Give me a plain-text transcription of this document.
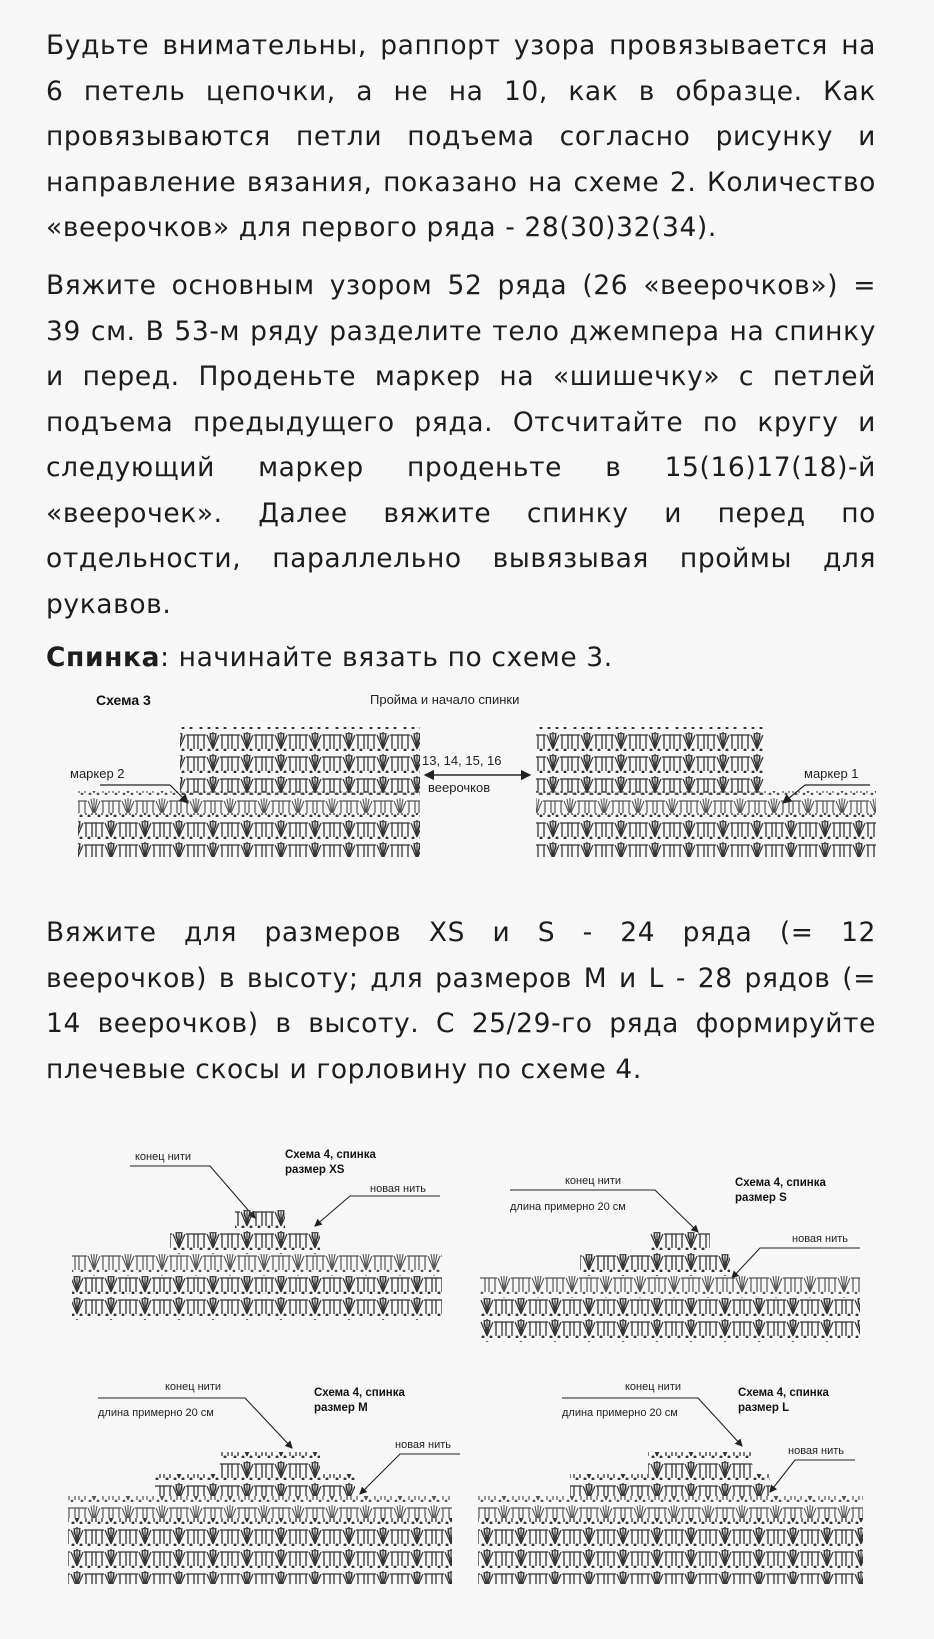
Будьте внимательны, раппорт узора провязывается на
6 петель цепочки, а не на 10, как в образце. Как
провязываются петли подъема согласно рисунку и
направление вязания, показано на схеме 2. Количество
«веерочков» для первого ряда - 28(30)32(34).
Вяжите основным узором 52 ряда (26 «веерочков») =
39 см. В 53-м ряду разделите тело джемпера на спинку
и перед. Проденьте маркер на «шишечку» с петлей
подъема предыдущего ряда. Отсчитайте по кругу и
следующий маркер проденьте в 15(16)17(18)-й
«веерочек». Далее вяжите спинку и перед по
отдельности, параллельно вывязывая проймы для
рукавов.
Спинка: начинайте вязать по схеме 3.
Схема 3	Пройма и начало спинки
13, 14, 15, 16
веерочков
маркер 2	маркер 1
Вяжите для размеров XS и S - 24 ряда (= 12
веерочков) в высоту; для размеров M и L - 28 рядов (=
14 веерочков) в высоту. С 25/29-го ряда формируйте
плечевые скосы и горловину по схеме 4.
конец нити	Схема 4, спинка
размер XS
новая нить
конец нити
длина примерно 20 см
Схема 4, спинка
размер S
новая нить
конец нити
длина примерно 20 см
Схема 4, спинка
размер M
новая нить
конец нити
длина примерно 20 см
Схема 4, спинка
размер L
новая нить
